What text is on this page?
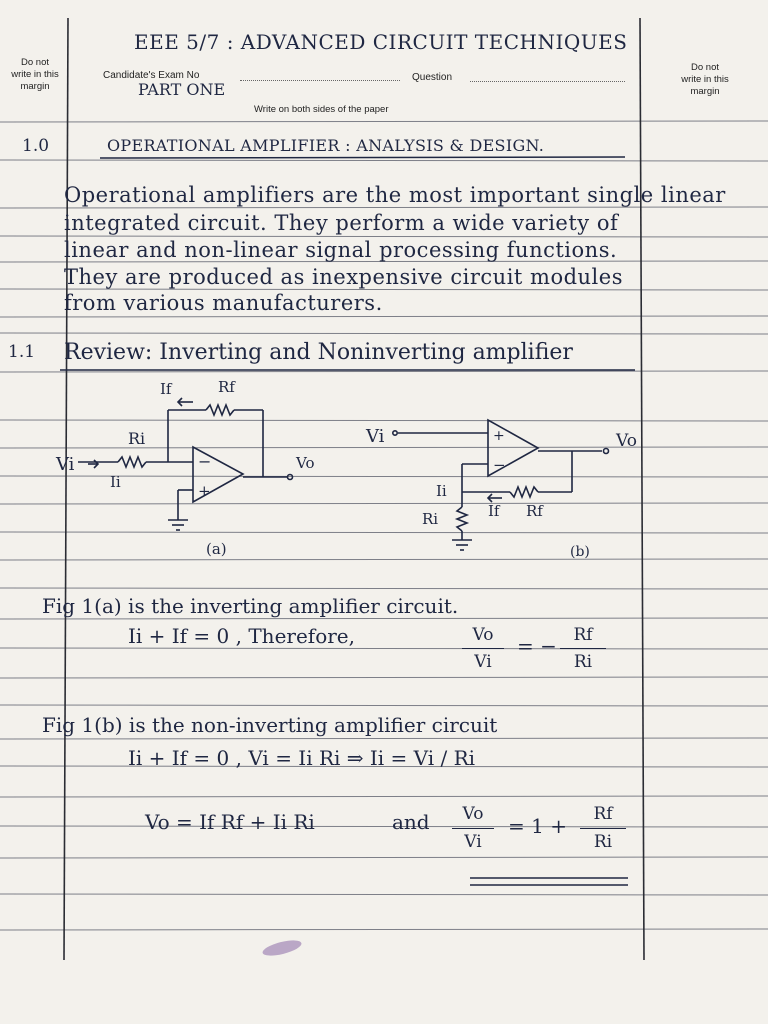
Do not
write in this
margin
Do not
write in this
margin
EEE 5/7 : ADVANCED CIRCUIT TECHNIQUES
Candidate's Exam No	Question
PART ONE
Write on both sides of the paper
1.0	OPERATIONAL AMPLIFIER : ANALYSIS & DESIGN.
Operational amplifiers are the most important single linear
integrated circuit. They perform a wide variety of
linear and non-linear signal processing functions.
They are produced as inexpensive circuit modules
from various manufacturers.
1.1 Review: Inverting and Noninverting amplifier
If	Rf
Ri
Vi
Ii
Vo
−
+
(a)
Vi	Vo
−
+
Ii
Ri	If Rf
(b)
Fig 1(a) is the inverting amplifier circuit.
Ii + If = 0 , Therefore,	$\frac{Vo}{Vi}$ = − $\frac{Rf}{Ri}$
Fig 1(b) is the non-inverting amplifier circuit
Ii + If = 0 , Vi = Ii Ri ⇒ Ii = Vi / Ri
Vo = If Rf + Ii Ri	and $\frac{Vo}{Vi} = 1 + \frac{Rf}{Ri}$
